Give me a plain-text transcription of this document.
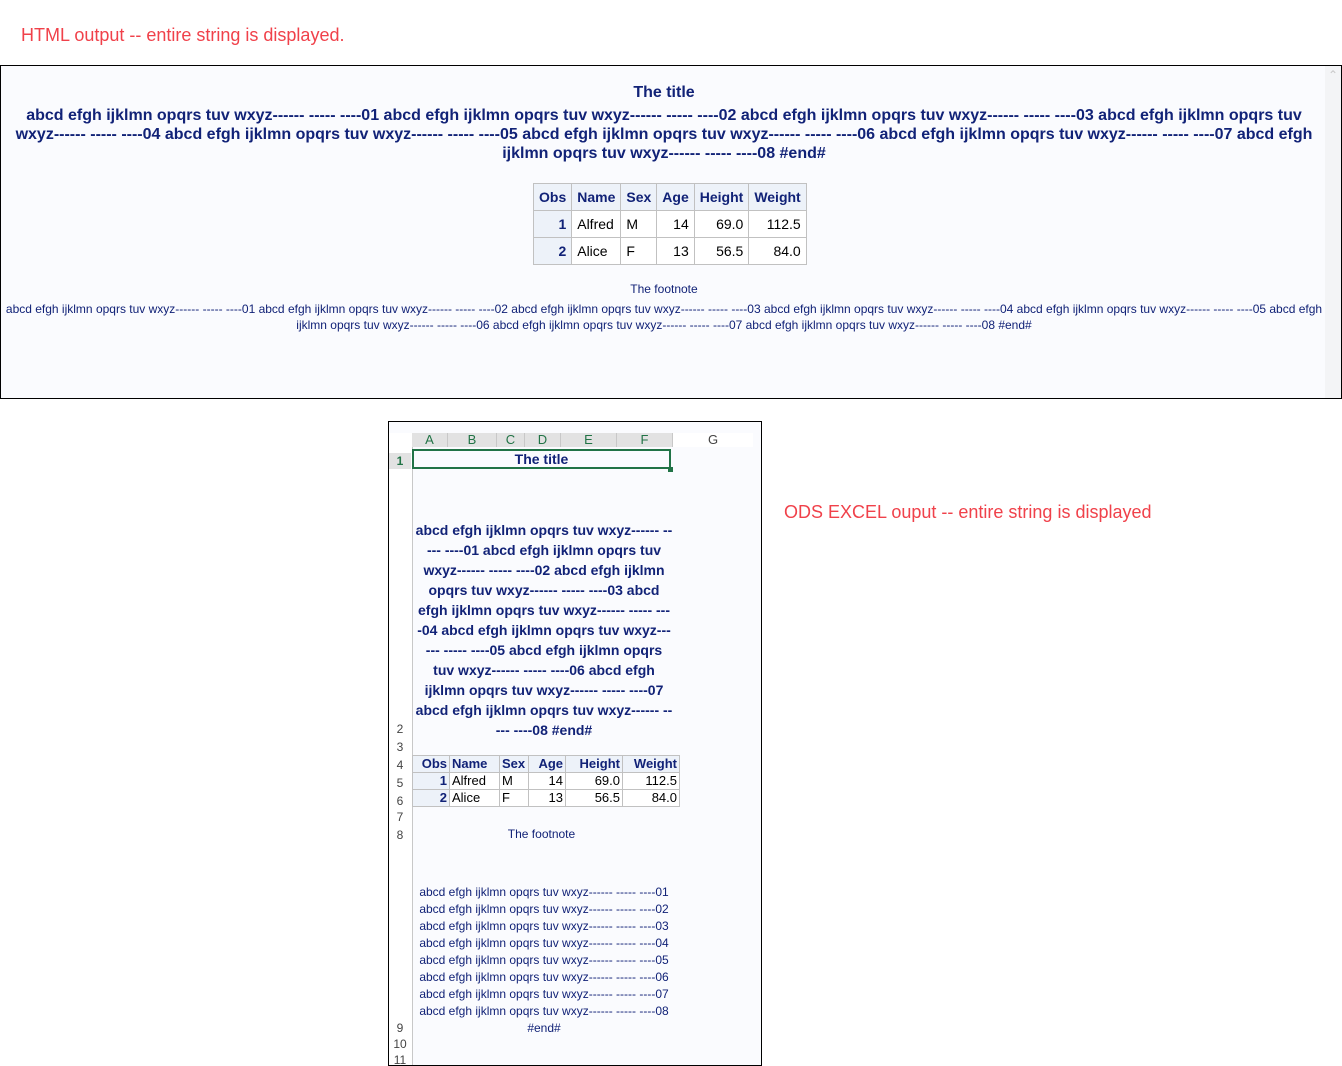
HTML output -- entire string is displayed.
⌃
The title
abcd efgh ijklmn opqrs tuv wxyz------ ----- ----01 abcd efgh ijklmn opqrs tuv wxyz------ ----- ----02 abcd efgh ijklmn opqrs tuv wxyz------ ----- ----03 abcd efgh ijklmn opqrs tuv wxyz------ ----- ----04 abcd efgh ijklmn opqrs tuv wxyz------ ----- ----05 abcd efgh ijklmn opqrs tuv wxyz------ ----- ----06 abcd efgh ijklmn opqrs tuv wxyz------ ----- ----07 abcd efgh ijklmn opqrs tuv wxyz------ ----- ----08 #end#
Obs	Name	Sex	Age	Height	Weight
1	Alfred	M	14	69.0	112.5
2	Alice	F	13	56.5	84.0
The footnote
abcd efgh ijklmn opqrs tuv wxyz------ ----- ----01 abcd efgh ijklmn opqrs tuv wxyz------ ----- ----02 abcd efgh ijklmn opqrs tuv wxyz------ ----- ----03 abcd efgh ijklmn opqrs tuv wxyz------ ----- ----04 abcd efgh ijklmn opqrs tuv wxyz------ ----- ----05 abcd efgh ijklmn opqrs tuv wxyz------ ----- ----06 abcd efgh ijklmn opqrs tuv wxyz------ ----- ----07 abcd efgh ijklmn opqrs tuv wxyz------ ----- ----08 #end#
A	B	C	D	E	F	G
1
2
3
4
5
6
7
8
9
10
11
The title
abcd efgh ijklmn opqrs tuv wxyz------ ----- ----01 abcd efgh ijklmn opqrs tuv wxyz------ ----- ----02 abcd efgh ijklmn opqrs tuv wxyz------ ----- ----03 abcd efgh ijklmn opqrs tuv wxyz------ ----- ----04 abcd efgh ijklmn opqrs tuv wxyz------ ----- ----05 abcd efgh ijklmn opqrs tuv wxyz------ ----- ----06 abcd efgh ijklmn opqrs tuv wxyz------ ----- ----07 abcd efgh ijklmn opqrs tuv wxyz------ ----- ----08 #end#
Obs	Name	Sex	Age	Height	Weight
1	Alfred	M	14	69.0	112.5
2	Alice	F	13	56.5	84.0
The footnote
abcd efgh ijklmn opqrs tuv wxyz------ ----- ----01 abcd efgh ijklmn opqrs tuv wxyz------ ----- ----02 abcd efgh ijklmn opqrs tuv wxyz------ ----- ----03 abcd efgh ijklmn opqrs tuv wxyz------ ----- ----04 abcd efgh ijklmn opqrs tuv wxyz------ ----- ----05 abcd efgh ijklmn opqrs tuv wxyz------ ----- ----06 abcd efgh ijklmn opqrs tuv wxyz------ ----- ----07 abcd efgh ijklmn opqrs tuv wxyz------ ----- ----08 #end#
ODS EXCEL ouput -- entire string is displayed
